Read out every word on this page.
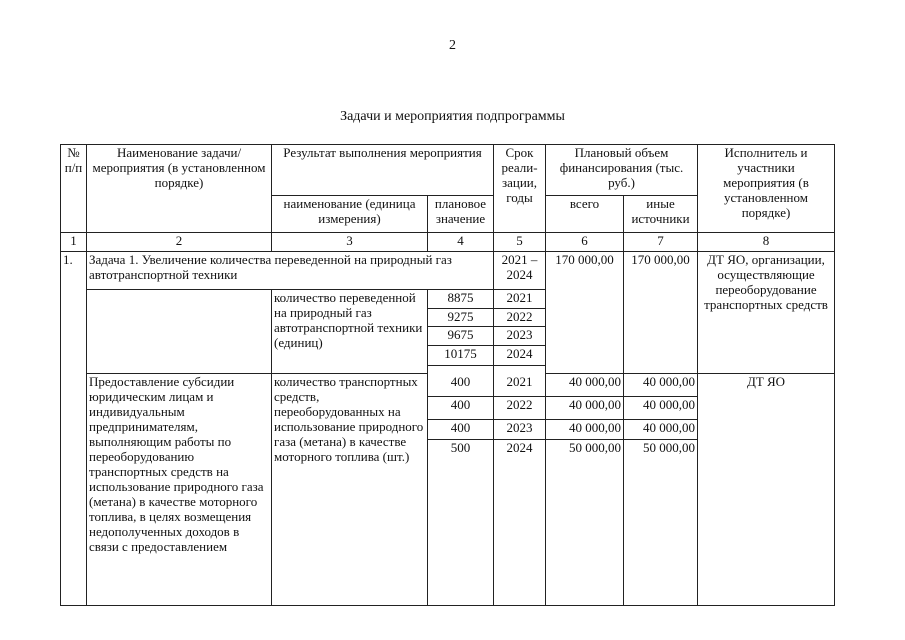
2
Задачи и мероприятия подпрограммы
№ п/п	Наименование задачи/ мероприятия (в установленном порядке)	Результат выполнения мероприятия		Срок реали-зации, годы	Плановый объем финансирования (тыс. руб.)		Исполнитель и участники мероприятия (в установленном порядке)
		наименование (единица измерения)	плановое значение		всего	иные источники	
1	2	3	4	5	6	7	8
1.	Задача 1. Увеличение количества переведенной на природный газ автотранспортной техники			2021 – 2024	170 000,00	170 000,00	ДТ ЯО, организации, осуществляющие переоборудование транспортных средств
		количество переведенной на природный газ автотранспортной техники (единиц)	8875	2021			
			9275	2022			
			9675	2023			
			10175	2024			

	Предоставление субсидии юридическим лицам и индивидуальным предпринимателям, выполняющим работы по переоборудованию транспортных средств на использование природного газа (метана) в качестве моторного топлива, в целях возмещения недополученных доходов в связи с предоставлением	количество транспортных средств, переоборудованных на использование природного газа (метана) в качестве моторного топлива (шт.)	400	2021	40 000,00	40 000,00	ДТ ЯО
			400	2022	40 000,00	40 000,00	
			400	2023	40 000,00	40 000,00	
			500	2024	50 000,00	50 000,00	
